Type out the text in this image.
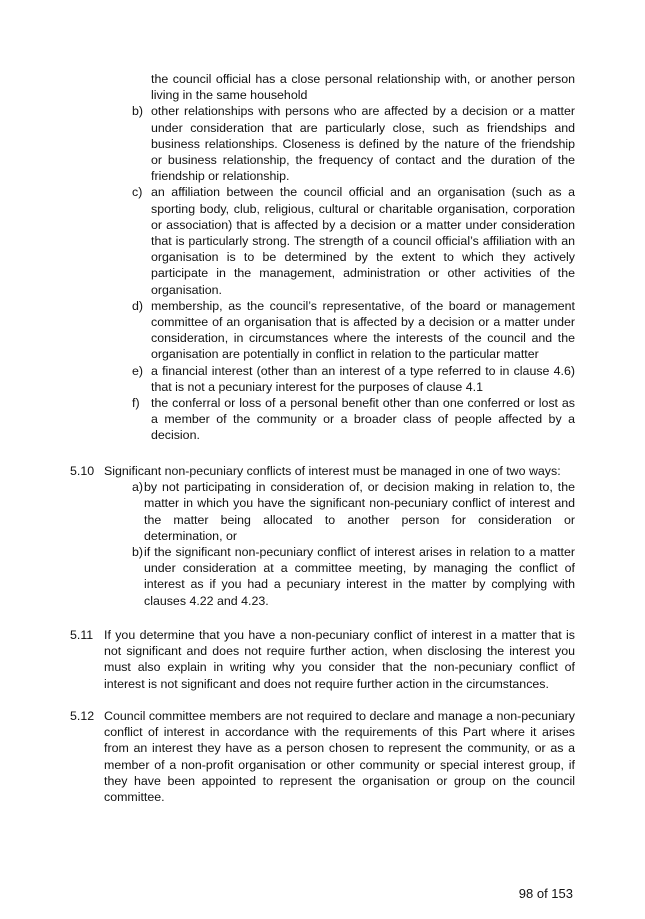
the council official has a close personal relationship with, or another person living in the same household
b) other relationships with persons who are affected by a decision or a matter under consideration that are particularly close, such as friendships and business relationships. Closeness is defined by the nature of the friendship or business relationship, the frequency of contact and the duration of the friendship or relationship.
c) an affiliation between the council official and an organisation (such as a sporting body, club, religious, cultural or charitable organisation, corporation or association) that is affected by a decision or a matter under consideration that is particularly strong. The strength of a council official’s affiliation with an organisation is to be determined by the extent to which they actively participate in the management, administration or other activities of the organisation.
d) membership, as the council’s representative, of the board or management committee of an organisation that is affected by a decision or a matter under consideration, in circumstances where the interests of the council and the organisation are potentially in conflict in relation to the particular matter
e) a financial interest (other than an interest of a type referred to in clause 4.6) that is not a pecuniary interest for the purposes of clause 4.1
f) the conferral or loss of a personal benefit other than one conferred or lost as a member of the community or a broader class of people affected by a decision.
5.10 Significant non-pecuniary conflicts of interest must be managed in one of two ways:
a) by not participating in consideration of, or decision making in relation to, the matter in which you have the significant non-pecuniary conflict of interest and the matter being allocated to another person for consideration or determination, or
b) if the significant non-pecuniary conflict of interest arises in relation to a matter under consideration at a committee meeting, by managing the conflict of interest as if you had a pecuniary interest in the matter by complying with clauses 4.22 and 4.23.
5.11 If you determine that you have a non-pecuniary conflict of interest in a matter that is not significant and does not require further action, when disclosing the interest you must also explain in writing why you consider that the non-pecuniary conflict of interest is not significant and does not require further action in the circumstances.
5.12 Council committee members are not required to declare and manage a non-pecuniary conflict of interest in accordance with the requirements of this Part where it arises from an interest they have as a person chosen to represent the community, or as a member of a non-profit organisation or other community or special interest group, if they have been appointed to represent the organisation or group on the council committee.
98 of 153
